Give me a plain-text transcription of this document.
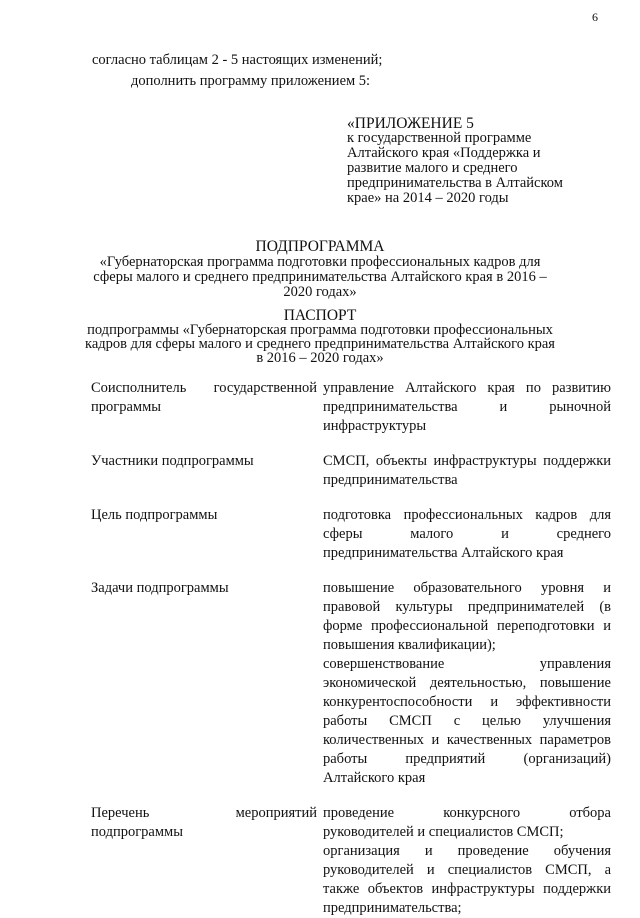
6
согласно таблицам 2 - 5 настоящих изменений;
дополнить программу приложением 5:
«ПРИЛОЖЕНИЕ 5
к государственной программе Алтайского края «Поддержка и развитие малого и среднего предпринимательства в Алтайском крае» на 2014 – 2020 годы
ПОДПРОГРАММА
«Губернаторская программа подготовки профессиональных кадров для сферы малого и среднего предпринимательства Алтайского края в 2016 – 2020 годах»
ПАСПОРТ
подпрограммы «Губернаторская программа подготовки профессиональных кадров для сферы малого и среднего предпринимательства Алтайского края в 2016 – 2020 годах»
Соисполнитель государственной программы	управление Алтайского края по развитию предпринимательства и рыночной инфраструктуры

Участники подпрограммы	СМСП, объекты инфраструктуры поддержки предпринимательства

Цель подпрограммы	подготовка профессиональных кадров для сферы малого и среднего предпринимательства Алтайского края

Задачи подпрограммы	повышение образовательного уровня и правовой культуры предпринимателей (в форме профессиональной переподготовки и повышения квалификации);
совершенствование управления экономической деятельностью, повышение конкурентоспособности и эффективности работы СМСП с целью улучшения количественных и качественных параметров работы предприятий (организаций) Алтайского края

Перечень мероприятий подпрограммы	проведение конкурсного отбора руководителей и специалистов СМСП;
организация и проведение обучения руководителей и специалистов СМСП, а также объектов инфраструктуры поддержки предпринимательства;
